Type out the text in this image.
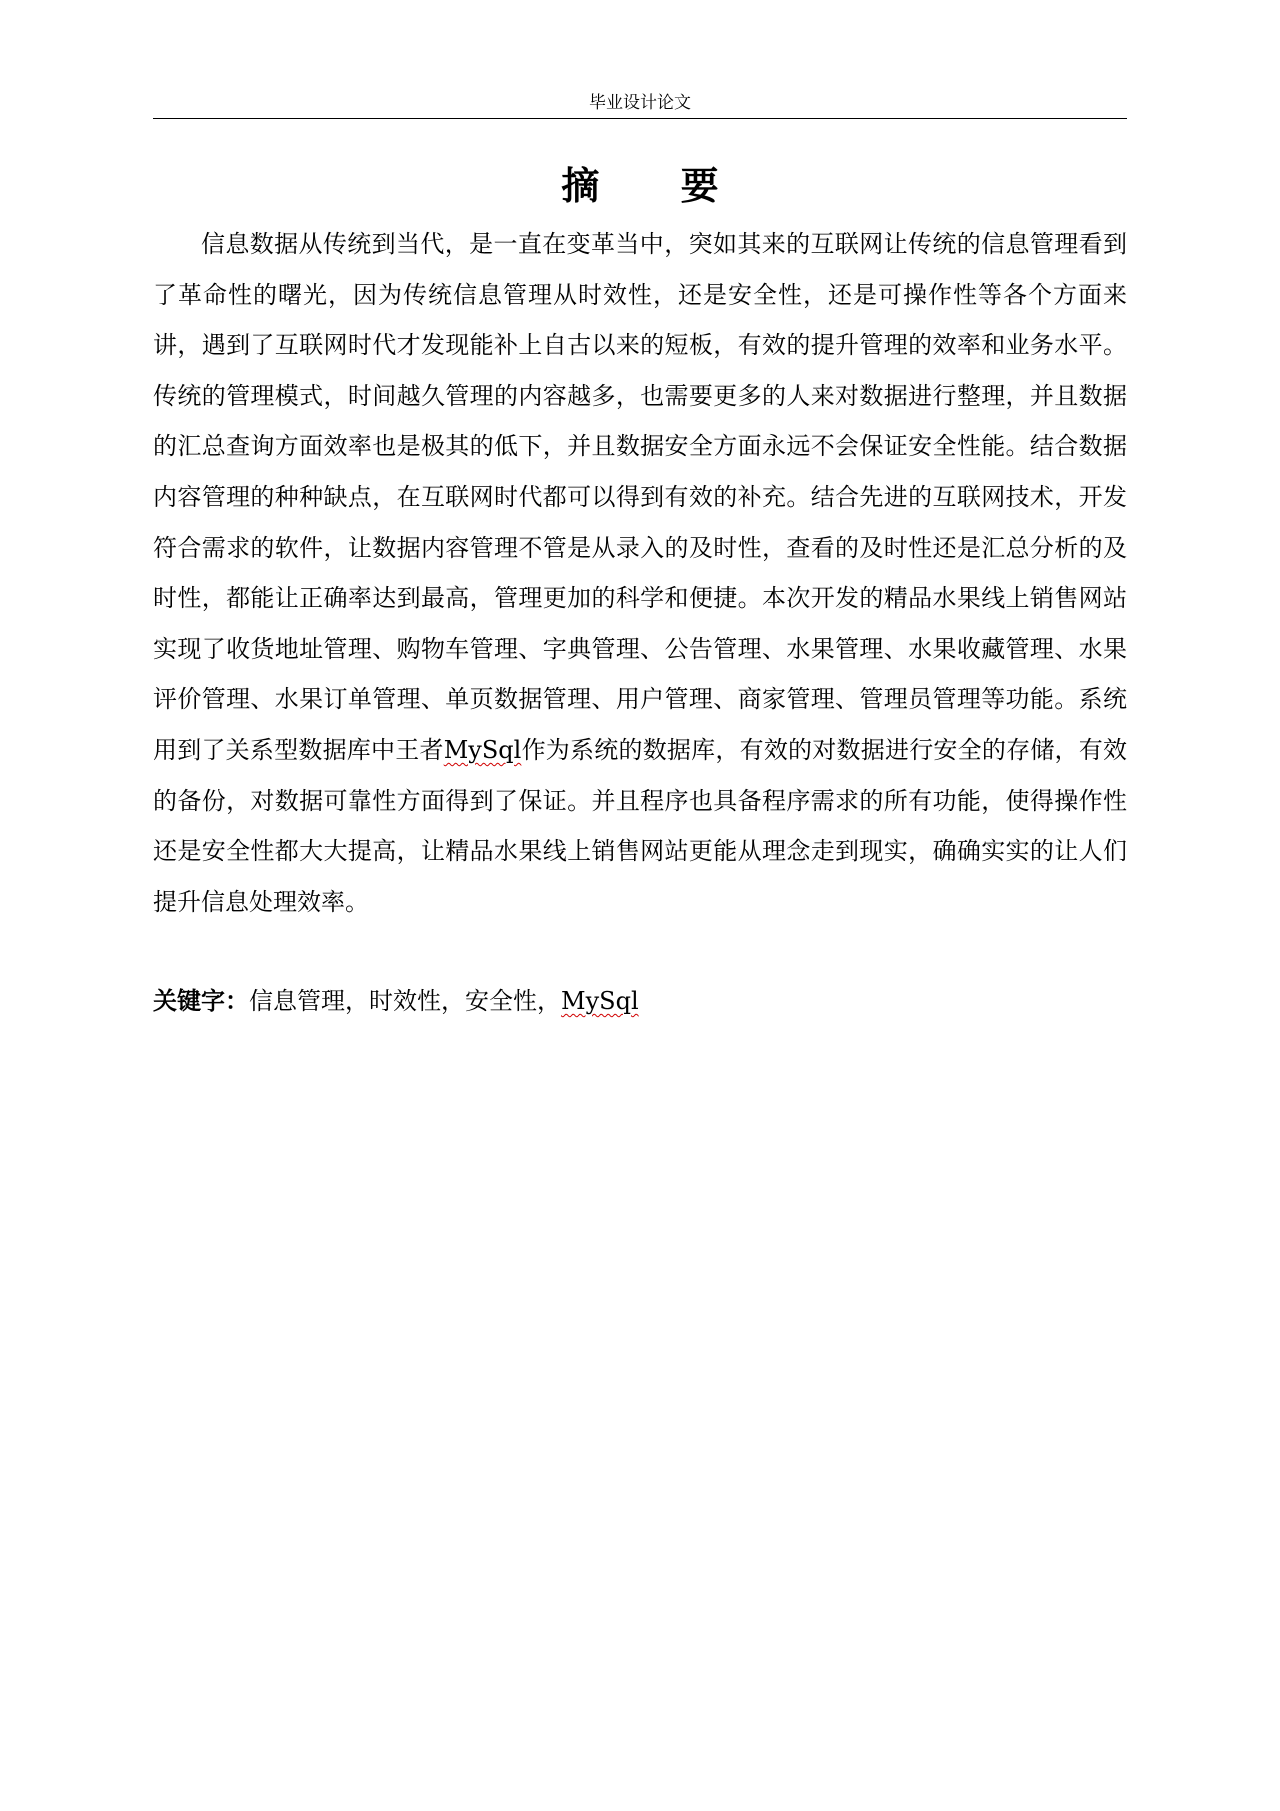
毕业设计论文
摘 要

信息数据从传统到当代，是一直在变革当中，突如其来的互联网让传统的信息管理看到了革命性的曙光，因为传统信息管理从时效性，还是安全性，还是可操作性等各个方面来讲，遇到了互联网时代才发现能补上自古以来的短板，有效的提升管理的效率和业务水平。传统的管理模式，时间越久管理的内容越多，也需要更多的人来对数据进行整理，并且数据的汇总查询方面效率也是极其的低下，并且数据安全方面永远不会保证安全性能。结合数据内容管理的种种缺点，在互联网时代都可以得到有效的补充。结合先进的互联网技术，开发符合需求的软件，让数据内容管理不管是从录入的及时性，查看的及时性还是汇总分析的及时性，都能让正确率达到最高，管理更加的科学和便捷。本次开发的精品水果线上销售网站实现了收货地址管理、购物车管理、字典管理、公告管理、水果管理、水果收藏管理、水果评价管理、水果订单管理、单页数据管理、用户管理、商家管理、管理员管理等功能。系统用到了关系型数据库中王者MySql作为系统的数据库，有效的对数据进行安全的存储，有效的备份，对数据可靠性方面得到了保证。并且程序也具备程序需求的所有功能，使得操作性还是安全性都大大提高，让精品水果线上销售网站更能从理念走到现实，确确实实的让人们提升信息处理效率。

关键字：信息管理，时效性，安全性，MySql
